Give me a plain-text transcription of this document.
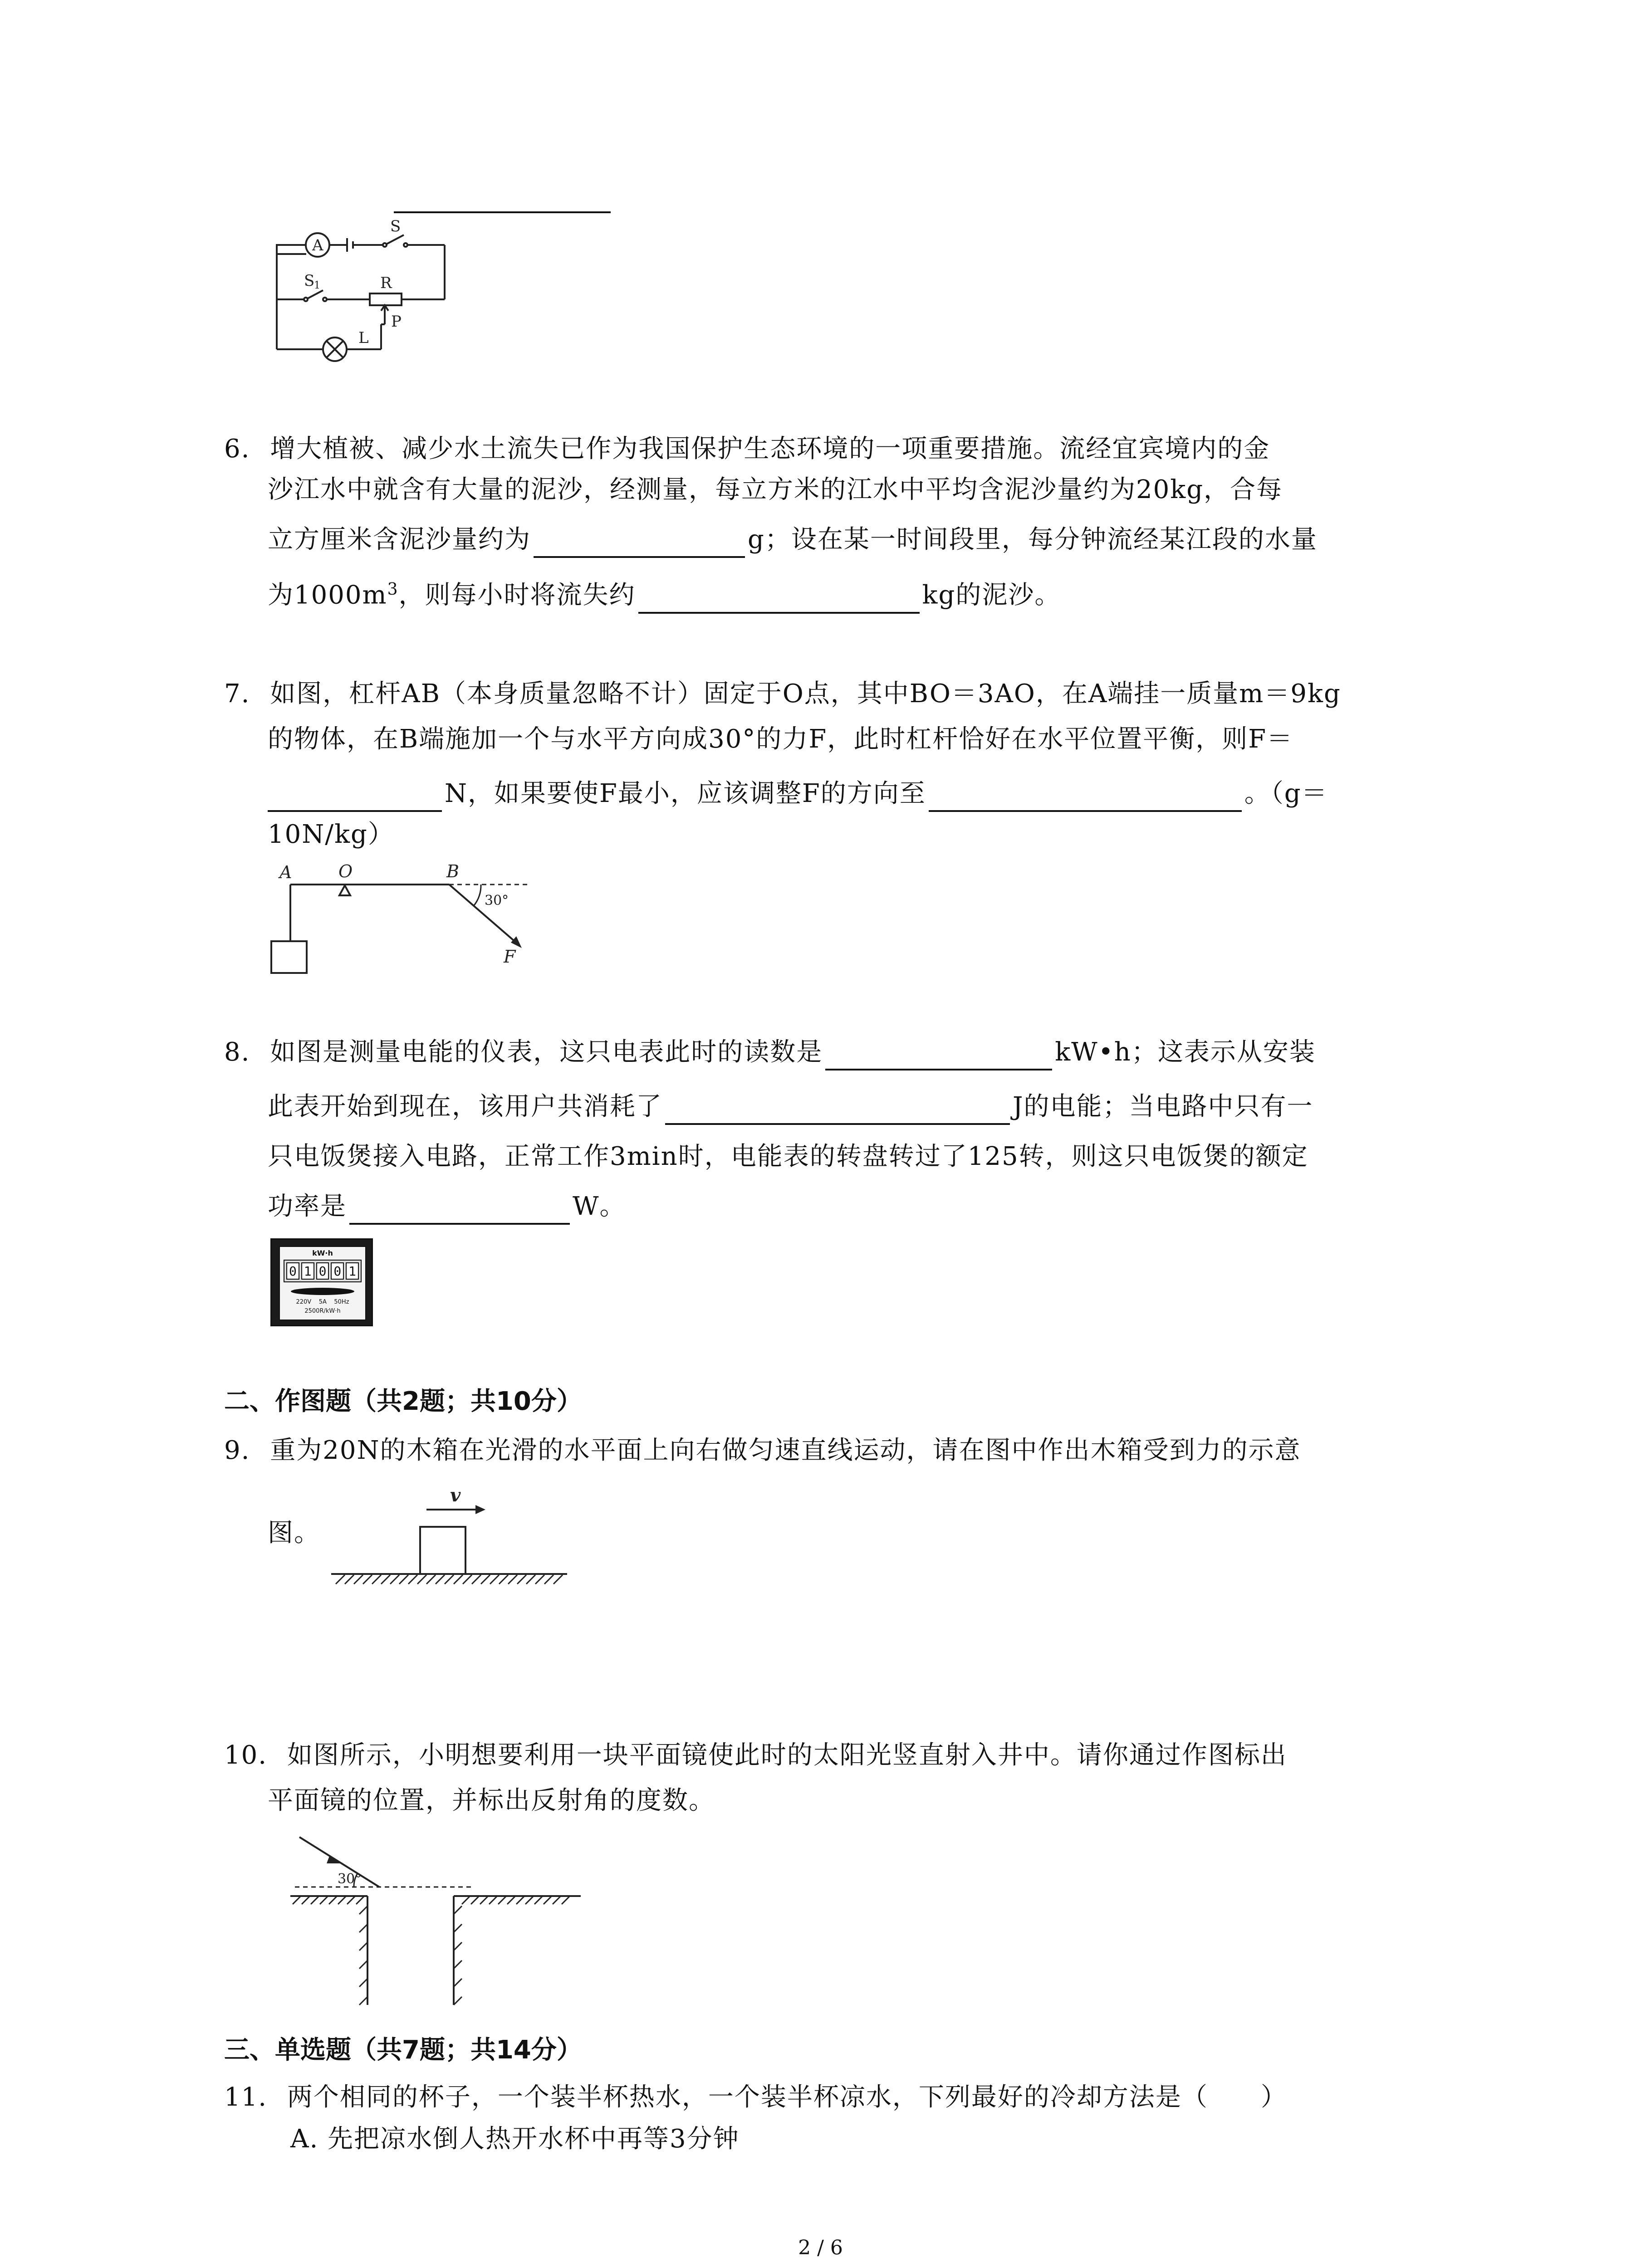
A
S
S
1	R
P
L
6. 增大植被、减少水土流失已作为我国保护生态环境的一项重要措施。流经宜宾境内的金
沙江水中就含有大量的泥沙，经测量，每立方米的江水中平均含泥沙量约为20kg，合每
立方厘米含泥沙量约为	g；设在某一时间段里，每分钟流经某江段的水量
为$1000m^3$，则每小时将流失约	kg的泥沙。
7. 如图，杠杆AB（本身质量忽略不计）固定于O点，其中BO＝3AO，在A端挂一质量m＝9kg
的物体，在B端施加一个与水平方向成30°的力F，此时杠杆恰好在水平位置平衡，则F＝
N，如果要使F最小，应该调整F的方向至	。（g＝
10N/kg）
A	O	B
F
30°
8. 如图是测量电能的仪表，这只电表此时的读数是	kW•h；这表示从安装
此表开始到现在，该用户共消耗了	J的电能；当电路中只有一
只电饭煲接入电路，正常工作3min时，电能表的转盘转过了125转，则这只电饭煲的额定
功率是	W。
kW·h
0 1 0 0 1
220V    5A    50Hz
2500R/kW·h
二、作图题（共2题；共10分）
9. 重为20N的木箱在光滑的水平面上向右做匀速直线运动，请在图中作出木箱受到力的示意
图。
v
10. 如图所示，小明想要利用一块平面镜使此时的太阳光竖直射入井中。请你通过作图标出
平面镜的位置，并标出反射角的度数。
30°
三、单选题（共7题；共14分）
11. 两个相同的杯子，一个装半杯热水，一个装半杯凉水，下列最好的冷却方法是（　　）
A. 先把凉水倒人热开水杯中再等3分钟
2 / 6
